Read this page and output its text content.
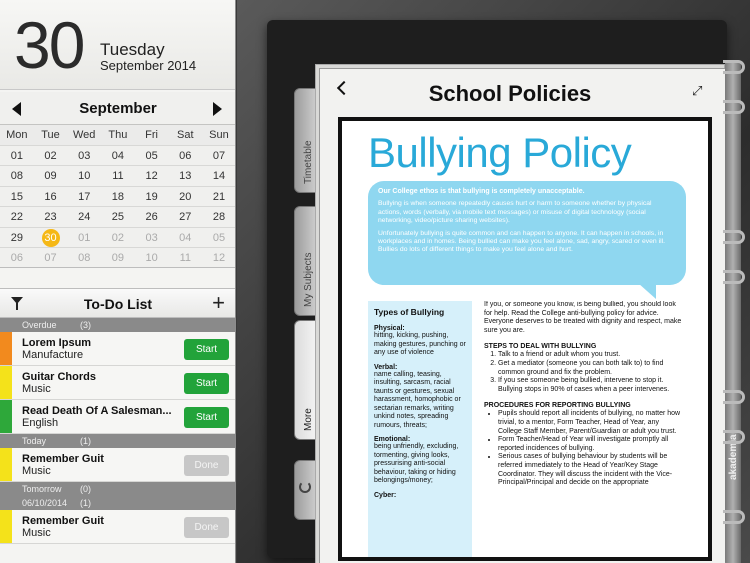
30 Tuesday
September 2014
September
Mon	Tue	Wed	Thu	Fri	Sat	Sun
01	02	03	04	05	06	07
08	09	10	11	12	13	14
15	16	17	18	19	20	21
22	23	24	25	26	27	28
29	30	01	02	03	04	05
06	07	08	09	10	11	12
To-Do List	+
Overdue	(3)
Lorem Ipsum
Manufacture	Start
Guitar Chords
Music	Start
Read Death Of A Salesman...
English	Start
Today	(1)
Remember Guit
Music	Done
Tomorrow (0)
06/10/2014 (1)
Remember Guit
Music	Done
Timetable
My Subjects
More
School Policies	⤢
Bullying Policy

Our College ethos is that bullying is completely unacceptable.

Bullying is when someone repeatedly causes hurt or harm to someone whether by physical actions, words (verbally, via mobile text messages) or misuse of digital technology (social networking, video/picture sharing websites).

Unfortunately bullying is quite common and can happen to anyone. It can happen in schools, in workplaces and in homes. Being bullied can make you feel alone, sad, angry, scared or even ill. Bullies do lots of different things to make you feel alone and hurt.

Types of Bullying
Physical:

hitting, kicking, pushing, making gestures, punching or any use of violence

Verbal:

name calling, teasing, insulting, sarcasm, racial taunts or gestures, sexual harassment, homophobic or sectarian remarks, writing unkind notes, spreading rumours, threats;

Emotional:

being unfriendly, excluding, tormenting, giving looks, pressurising anti-social behaviour, taking or hiding belongings/money;

Cyber:

If you, or someone you know, is being bullied, you should look for help. Read the College anti-bullying policy for advice. Everyone deserves to be treated with dignity and respect, make sure you are.

STEPS TO DEAL WITH BULLYING
1. Talk to a friend or adult whom you trust.
2. Get a mediator (someone you can both talk to) to find common ground and fix the problem.
3. If you see someone being bullied, intervene to stop it. Bullying stops in 90% of cases when a peer intervenes.
PROCEDURES FOR REPORTING BULLYING
• Pupils should report all incidents of bullying, no matter how trivial, to a mentor, Form Teacher, Head of Year, any College Staff Member, Parent/Guardian or adult you trust.
• Form Teacher/Head of Year will investigate promptly all reported incidences of bullying.
• Serious cases of bullying behaviour by students will be referred immediately to the Head of Year/Key Stage Coordinator. They will discuss the incident with the Vice-Principal/Principal and decide on the appropriate
akademia
